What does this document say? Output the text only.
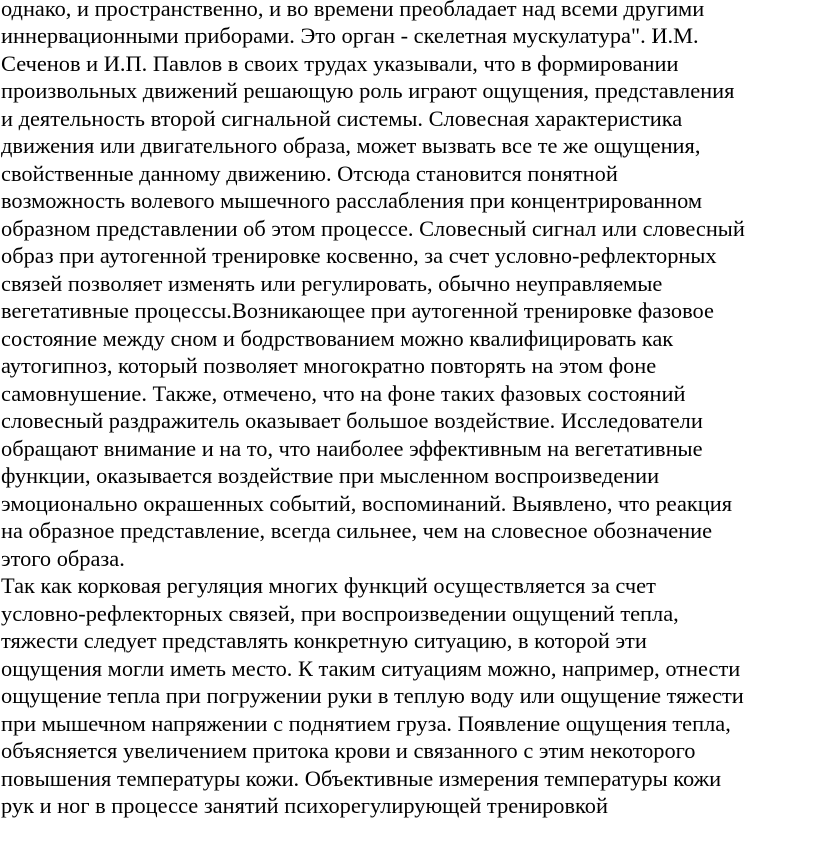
однако, и пространственно, и во времени преобладает над всеми другими

иннервационными приборами. Это орган - скелетная мускулатура". И.М.

Сеченов и И.П. Павлов в своих трудах указывали, что в формировании

произвольных движений решающую роль играют ощущения, представления

и деятельность второй сигнальной системы. Словесная характеристика

движения или двигательного образа, может вызвать все те же ощущения,

свойственные данному движению. Отсюда становится понятной

возможность волевого мышечного расслабления при концентрированном

образном представлении об этом процессе. Словесный сигнал или словесный

образ при аутогенной тренировке косвенно, за счет условно-рефлекторных

связей позволяет изменять или регулировать, обычно неуправляемые

вегетативные процессы.Возникающее при аутогенной тренировке фазовое

состояние между сном и бодрствованием можно квалифицировать как

аутогипноз, который позволяет многократно повторять на этом фоне

самовнушение. Также, отмечено, что на фоне таких фазовых состояний

словесный раздражитель оказывает большое воздействие. Исследователи

обращают внимание и на то, что наиболее эффективным на вегетативные

функции, оказывается воздействие при мысленном воспроизведении

эмоционально окрашенных событий, воспоминаний. Выявлено, что реакция

на образное представление, всегда сильнее, чем на словесное обозначение

этого образа.

Так как корковая регуляция многих функций осуществляется за счет

условно-рефлекторных связей, при воспроизведении ощущений тепла,

тяжести следует представлять конкретную ситуацию, в которой эти

ощущения могли иметь место. К таким ситуациям можно, например, отнести

ощущение тепла при погружении руки в теплую воду или ощущение тяжести

при мышечном напряжении с поднятием груза. Появление ощущения тепла,

объясняется увеличением притока крови и связанного с этим некоторого

повышения температуры кожи. Объективные измерения температуры кожи

рук и ног в процессе занятий психорегулирующей тренировкой
